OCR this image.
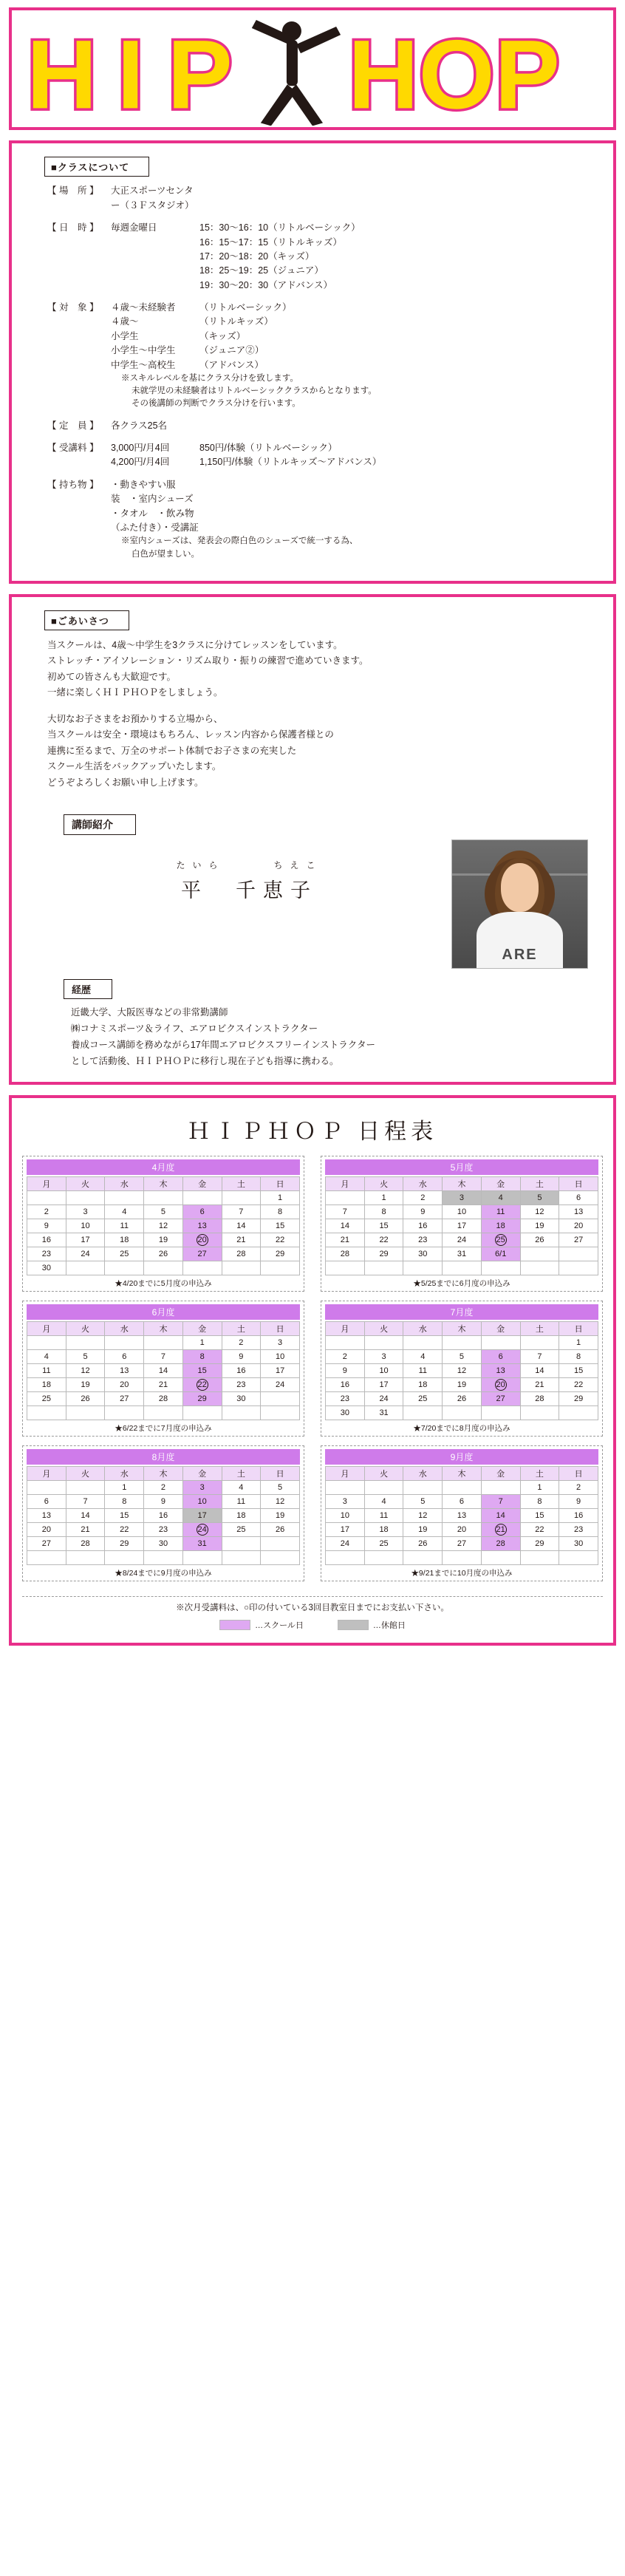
H I P HOP
■クラスについて
【 場　所 】	大正スポーツセンター（３Ｆスタジオ）
【 日　時 】	毎週金曜日	15：30〜16：10（リトルベーシック）
16：15〜17：15（リトルキッズ）
17：20〜18：20（キッズ）
18：25〜19：25（ジュニア）
19：30〜20：30（アドバンス）
【 対　象 】	４歳〜未経験者	（リトルベーシック）
４歳〜	（リトルキッズ）
小学生	（キッズ）
小学生〜中学生	（ジュニア②）
中学生〜高校生	（アドバンス）
※スキルレベルを基にクラス分けを致します。
未就学児の未経験者はリトルベーシッククラスからとなります。
その後講師の判断でクラス分けを行います。
【 定　員 】	各クラス25名
【 受講料 】	3,000円/月4回	850円/体験（リトルベーシック）
4,200円/月4回	1,150円/体験（リトルキッズ〜アドバンス）
【 持ち物 】	・動きやすい服装　・室内シューズ
・タオル　・飲み物（ふた付き）・受講証
※室内シューズは、発表会の際白色のシューズで統一する為、
白色が望ましい。
■ごあいさつ

当スクールは、4歳〜中学生を3クラスに分けてレッスンをしています。

ストレッチ・アイソレーション・リズム取り・振りの練習で進めていきます。

初めての皆さんも大歓迎です。

一緒に楽しくＨＩＰＨＯＰをしましょう。

大切なお子さまをお預かりする立場から、

当スクールは安全・環境はもちろん、レッスン内容から保護者様との

連携に至るまで、万全のサポート体制でお子さまの充実した

スクール生活をバックアップいたします。

どうぞよろしくお願い申し上げます。

講師紹介
たいら　　　ちえこ
平　千恵子
ARE
経歴

近畿大学、大阪医専などの非常勤講師

㈱コナミスポーツ＆ライフ、エアロビクスインストラクター

養成コース講師を務めながら17年間エアロビクスフリーインストラクター

として活動後、ＨＩＰＨＯＰに移行し現在子ども指導に携わる。

ＨＩＰＨＯＰ 日程表
4月度
月	火	水	木	金	土	日
						1
2	3	4	5	6	7	8
9	10	11	12	13	14	15
16	17	18	19	20	21	22
23	24	25	26	27	28	29
30						
★4/20までに5月度の申込み
5月度
月	火	水	木	金	土	日
	1	2	3	4	5	6
7	8	9	10	11	12	13
14	15	16	17	18	19	20
21	22	23	24	25	26	27
28	29	30	31	6/1		

★5/25までに6月度の申込み
6月度
月	火	水	木	金	土	日
				1	2	3
4	5	6	7	8	9	10
11	12	13	14	15	16	17
18	19	20	21	22	23	24
25	26	27	28	29	30	

★6/22までに7月度の申込み
7月度
月	火	水	木	金	土	日
						1
2	3	4	5	6	7	8
9	10	11	12	13	14	15
16	17	18	19	20	21	22
23	24	25	26	27	28	29
30	31					
★7/20までに8月度の申込み
8月度
月	火	水	木	金	土	日
		1	2	3	4	5
6	7	8	9	10	11	12
13	14	15	16	17	18	19
20	21	22	23	24	25	26
27	28	29	30	31		

★8/24までに9月度の申込み
9月度
月	火	水	木	金	土	日
					1	2
3	4	5	6	7	8	9
10	11	12	13	14	15	16
17	18	19	20	21	22	23
24	25	26	27	28	29	30

★9/21までに10月度の申込み
※次月受講料は、○印の付いている3回目教室日までにお支払い下さい。
…スクール日	…休館日
